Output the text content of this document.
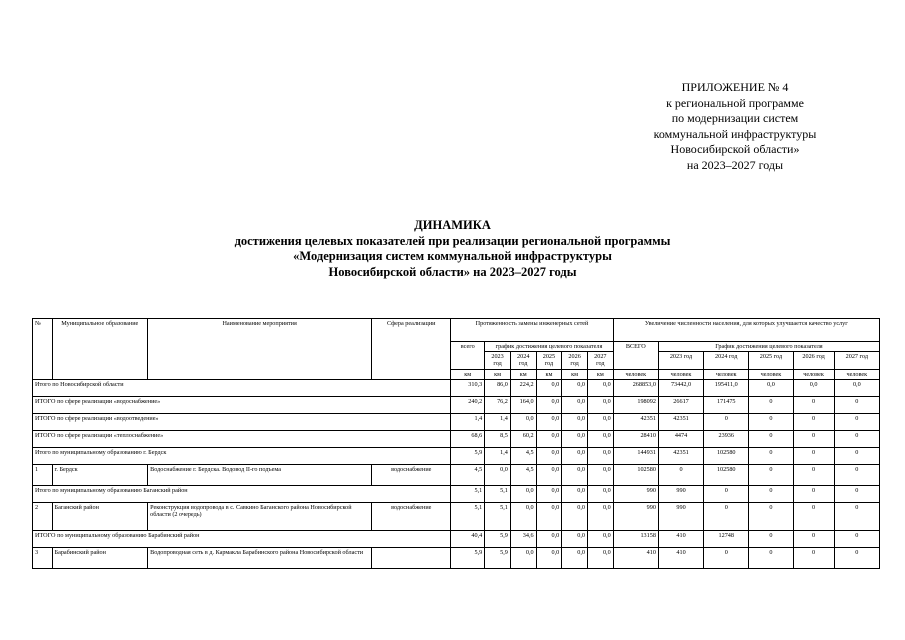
ПРИЛОЖЕНИЕ № 4
к региональной программе
по модернизации систем
коммунальной инфраструктуры
Новосибирской области»
на 2023–2027 годы
ДИНАМИКА
достижения целевых показателей при реализации региональной программы
«Модернизация систем коммунальной инфраструктуры
Новосибирской области» на 2023–2027 годы
№	Муниципальное образование	Наименование мероприятия	Сфера реализации	Протяженность замены инженерных сетей						Увеличение численности населения, для которых улучшается качество услуг					
				всего	график достижения целевого показателя					ВСЕГО	График достижения целевого показателя				
					2023 год	2024 год	2025 год	2026 год	2027 год		2023 год	2024 год	2025 год	2026 год	2027 год
				км	км	км	км	км	км	человек	человек	человек	человек	человек	человек
Итого по Новосибирской области				310,3	86,0	224,2	0,0	0,0	0,0	268853,0	73442,0	195411,0	0,0	0,0	0,0
ИТОГО по сфере реализации «водоснабжение»				240,2	76,2	164,0	0,0	0,0	0,0	198092	26617	171475	0	0	0
ИТОГО по сфере реализации «водоотведение»				1,4	1,4	0,0	0,0	0,0	0,0	42351	42351	0	0	0	0
ИТОГО по сфере реализации «теплоснабжение»				68,6	8,5	60,2	0,0	0,0	0,0	28410	4474	23936	0	0	0
Итого по муниципальному образованию г. Бердск				5,9	1,4	4,5	0,0	0,0	0,0	144931	42351	102580	0	0	0
1	г. Бердск	Водоснабжение г. Бердска. Водовод II-го подъема	водоснабжение	4,5	0,0	4,5	0,0	0,0	0,0	102580	0	102580	0	0	0
Итого по муниципальному образованию Баганский район				5,1	5,1	0,0	0,0	0,0	0,0	990	990	0	0	0	0
2	Баганский район	Реконструкция водопровода в с. Савкино Баганского района Новосибирской области (2 очередь)	водоснабжение	5,1	5,1	0,0	0,0	0,0	0,0	990	990	0	0	0	0
ИТОГО по муниципальному образованию Барабинский район				40,4	5,9	34,6	0,0	0,0	0,0	13158	410	12748	0	0	0
3	Барабинский район	Водопроводная сеть в д. Кармакла Барабинского района Новосибирской области		5,9	5,9	0,0	0,0	0,0	0,0	410	410	0	0	0	0
